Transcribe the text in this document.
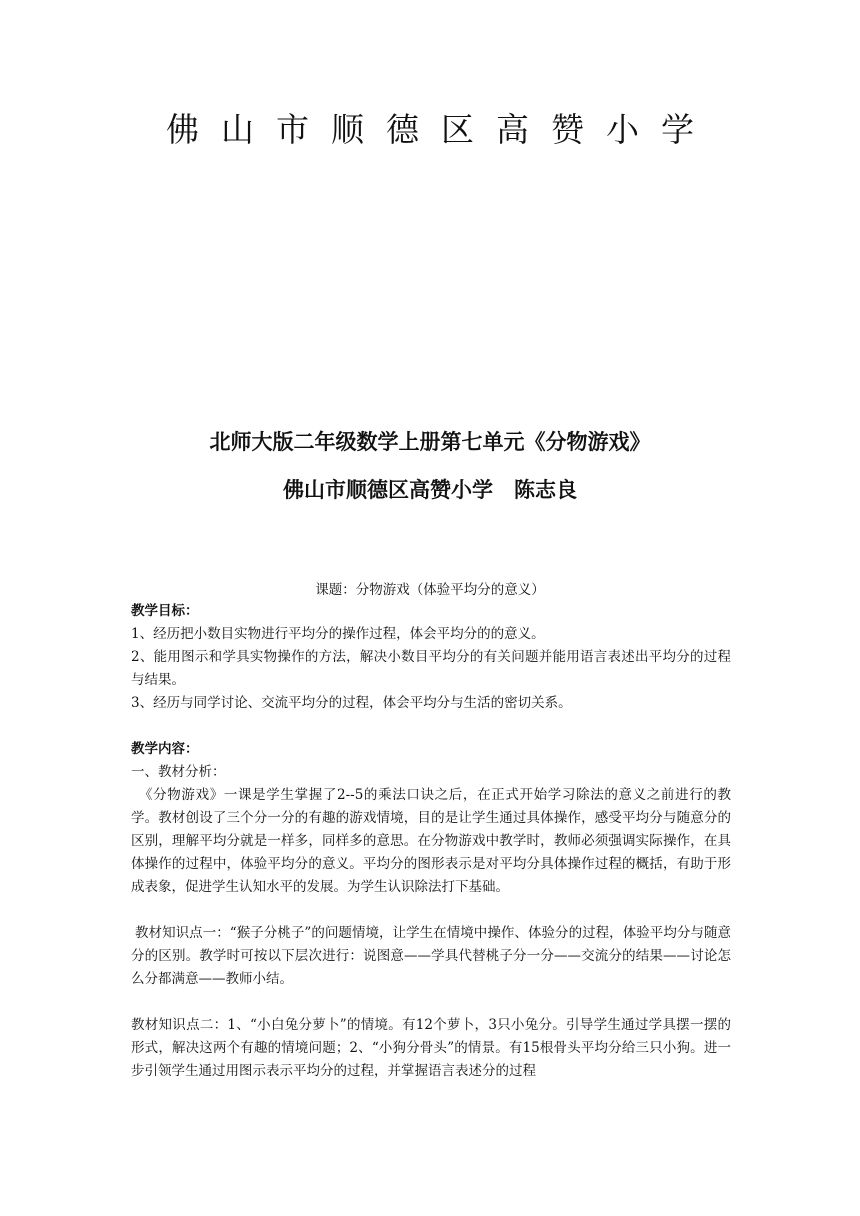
佛山市顺德区高赞小学
北师大版二年级数学上册第七单元《分物游戏》
佛山市顺德区高赞小学　陈志良
课题：分物游戏（体验平均分的意义）

教学目标：

1、经历把小数目实物进行平均分的操作过程，体会平均分的的意义。

2、能用图示和学具实物操作的方法，解决小数目平均分的有关问题并能用语言表述出平均分的过程与结果。

3、经历与同学讨论、交流平均分的过程，体会平均分与生活的密切关系。

教学内容：

一、教材分析：

《分物游戏》一课是学生掌握了2--5的乘法口诀之后，在正式开始学习除法的意义之前进行的教学。教材创设了三个分一分的有趣的游戏情境，目的是让学生通过具体操作，感受平均分与随意分的区别，理解平均分就是一样多，同样多的意思。在分物游戏中教学时，教师必须强调实际操作，在具体操作的过程中，体验平均分的意义。平均分的图形表示是对平均分具体操作过程的概括，有助于形成表象，促进学生认知水平的发展。为学生认识除法打下基础。

教材知识点一：“猴子分桃子”的问题情境，让学生在情境中操作、体验分的过程，体验平均分与随意分的区别。教学时可按以下层次进行：说图意——学具代替桃子分一分——交流分的结果——讨论怎么分都满意——教师小结。

教材知识点二：1、“小白兔分萝卜”的情境。有12个萝卜，3只小兔分。引导学生通过学具摆一摆的形式，解决这两个有趣的情境问题；2、“小狗分骨头”的情景。有15根骨头平均分给三只小狗。进一步引领学生通过用图示表示平均分的过程，并掌握语言表述分的过程
